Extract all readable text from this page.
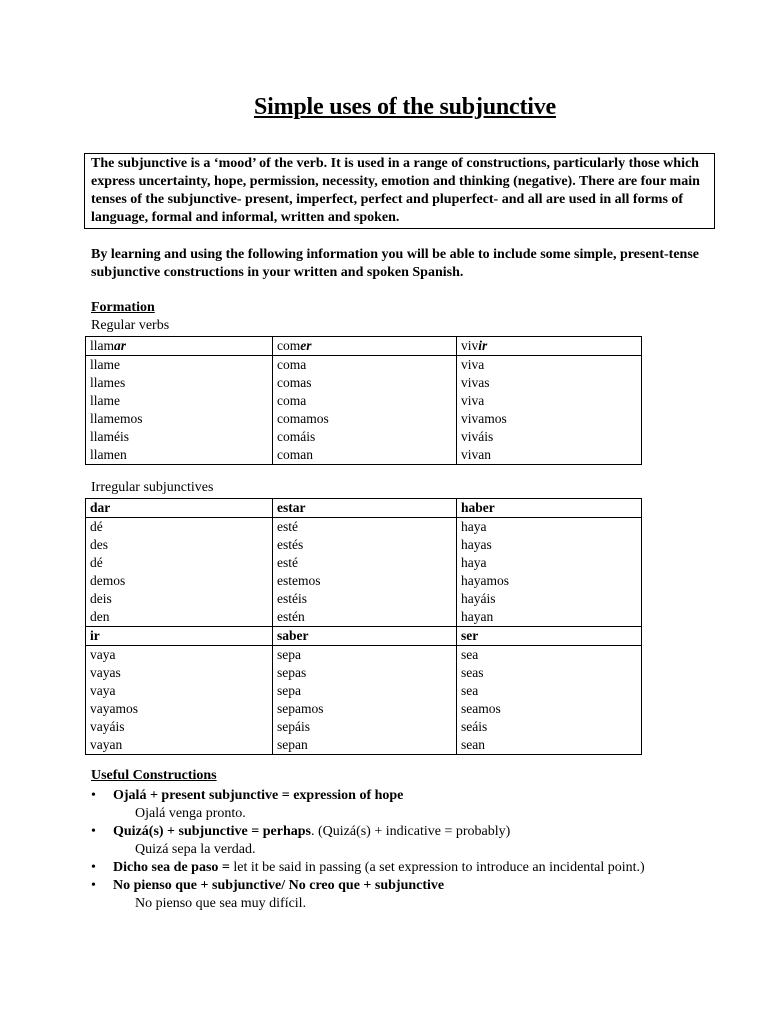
Simple uses of the subjunctive
The subjunctive is a ‘mood’ of the verb. It is used in a range of constructions, particularly those which express uncertainty, hope, permission, necessity, emotion and thinking (negative). There are four main tenses of the subjunctive- present, imperfect, perfect and pluperfect- and all are used in all forms of language, formal and informal, written and spoken.
By learning and using the following information you will be able to include some simple, present-tense subjunctive constructions in your written and spoken Spanish.
Formation
Regular verbs
llamar	comer	vivir
llame	coma	viva
llames	comas	vivas
llame	coma	viva
llamemos	comamos	vivamos
llaméis	comáis	viváis
llamen	coman	vivan
Irregular subjunctives
dar	estar	haber
dé	esté	haya
des	estés	hayas
dé	esté	haya
demos	estemos	hayamos
deis	estéis	hayáis
den	estén	hayan
ir	saber	ser
vaya	sepa	sea
vayas	sepas	seas
vaya	sepa	sea
vayamos	sepamos	seamos
vayáis	sepáis	seáis
vayan	sepan	sean
Useful Constructions
• Ojalá + present subjunctive = expression of hope
Ojalá venga pronto.
• Quizá(s) + subjunctive = perhaps. (Quizá(s) + indicative = probably)
Quizá sepa la verdad.
• Dicho sea de paso = let it be said in passing (a set expression to introduce an incidental point.)
• No pienso que + subjunctive/ No creo que + subjunctive
No pienso que sea muy difícil.
